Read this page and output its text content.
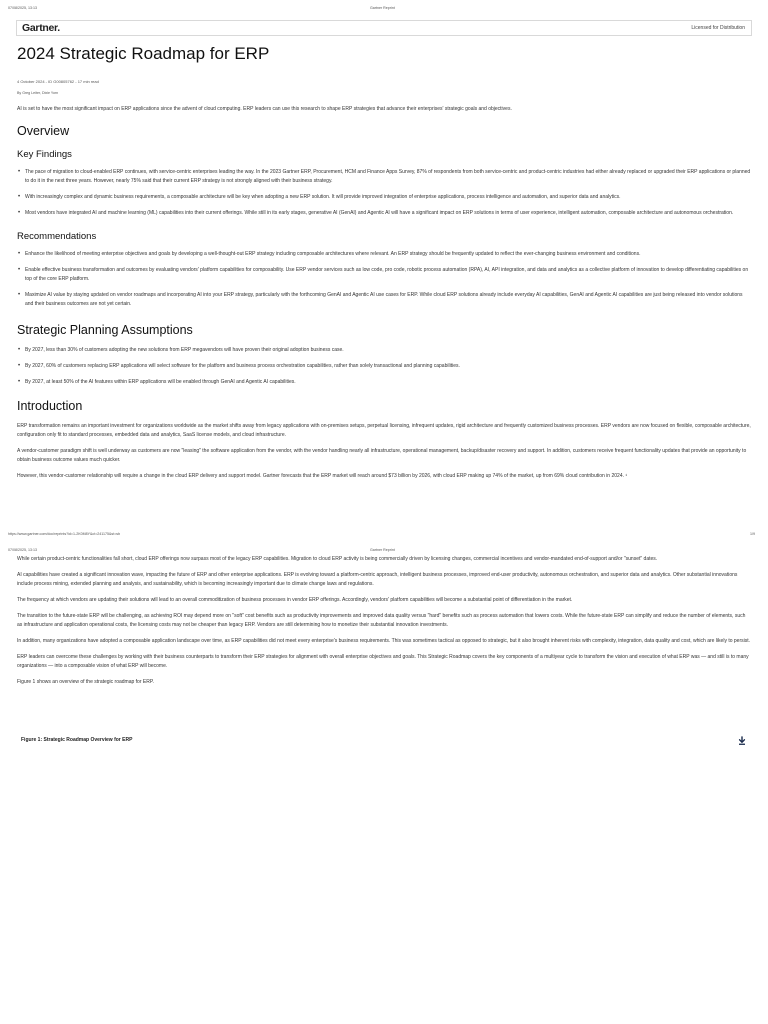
07/08/2025, 13:13	Gartner Reprint
Gartner.	Licensed for Distribution
2024 Strategic Roadmap for ERP
4 October 2024 - ID G00805762 - 17 min read
By Greg Leiter, Dixie Yorn

AI is set to have the most significant impact on ERP applications since the advent of cloud computing. ERP leaders can use this research to shape ERP strategies that advance their enterprises' strategic goals and objectives.

Overview
Key Findings
• The pace of migration to cloud-enabled ERP continues, with service-centric enterprises leading the way. In the 2023 Gartner ERP, Procurement, HCM and Finance Apps Survey, 87% of respondents from both service-centric and product-centric industries had either already replaced or upgraded their ERP applications or planned to do it in the next three years. However, nearly 75% said that their current ERP strategy is not strongly aligned with their business strategy.
• With increasingly complex and dynamic business requirements, a composable architecture will be key when adopting a new ERP solution. It will provide improved integration of enterprise applications, process intelligence and automation, and superior data and analytics.
• Most vendors have integrated AI and machine learning (ML) capabilities into their current offerings. While still in its early stages, generative AI (GenAI) and Agentic AI will have a significant impact on ERP solutions in terms of user experience, intelligent automation, composable architecture and autonomous orchestration.
Recommendations
• Enhance the likelihood of meeting enterprise objectives and goals by developing a well-thought-out ERP strategy including composable architectures where relevant. An ERP strategy should be frequently updated to reflect the ever-changing business environment and conditions.
• Enable effective business transformation and outcomes by evaluating vendors' platform capabilities for composability. Use ERP vendor services such as low code, pro code, robotic process automation (RPA), AI, API integration, and data and analytics as a collective platform of innovation to develop differentiating capabilities on top of the core ERP platform.
• Maximize AI value by staying updated on vendor roadmaps and incorporating AI into your ERP strategy, particularly with the forthcoming GenAI and Agentic AI use cases for ERP. While cloud ERP solutions already include everyday AI capabilities, GenAI and Agentic AI capabilities are just being released into vendor solutions and their business outcomes are not yet certain.
Strategic Planning Assumptions
• By 2027, less than 30% of customers adopting the new solutions from ERP megavendors will have proven their original adoption business case.
• By 2027, 60% of customers replacing ERP applications will select software for the platform and business process orchestration capabilities, rather than solely transactional and planning capabilities.
• By 2027, at least 50% of the AI features within ERP applications will be enabled through GenAI and Agentic AI capabilities.
Introduction

ERP transformation remains an important investment for organizations worldwide as the market shifts away from legacy applications with on-premises setups, perpetual licensing, infrequent updates, rigid architecture and frequently customized business processes. ERP vendors are now focused on flexible, composable architecture, configuration only fit to standard processes, embedded data and analytics, SaaS license models, and cloud infrastructure.

A vendor-customer paradigm shift is well underway as customers are now "leasing" the software application from the vendor, with the vendor handling nearly all infrastructure, operational management, backup/disaster recovery and support. In addition, customers receive frequent functionality updates that provide an opportunity to obtain business outcome values much quicker.

However, this vendor-customer relationship will require a change in the cloud ERP delivery and support model. Gartner forecasts that the ERP market will reach around $73 billion by 2026, with cloud ERP making up 74% of the market, up from 69% cloud contribution in 2024. ¹

https://www.gartner.com/doc/reprints?id=1-2K0M8Y&ct=241175&st=sb	1/9
07/08/2025, 13:13	Gartner Reprint

While certain product-centric functionalities fall short, cloud ERP offerings now surpass most of the legacy ERP capabilities. Migration to cloud ERP activity is being commercially driven by licensing changes, commercial incentives and vendor-mandated end-of-support and/or "sunset" dates.

AI capabilities have created a significant innovation wave, impacting the future of ERP and other enterprise applications. ERP is evolving toward a platform-centric approach, intelligent business processes, improved end-user productivity, autonomous orchestration, and superior data and analytics. Other substantial innovations include process mining, extended planning and analysis, and sustainability, which is becoming increasingly important due to climate change laws and regulations.

The frequency at which vendors are updating their solutions will lead to an overall commoditization of business processes in vendor ERP offerings. Accordingly, vendors' platform capabilities will become a substantial point of differentiation in the market.

The transition to the future-state ERP will be challenging, as achieving ROI may depend more on "soft" cost benefits such as productivity improvements and improved data quality versus "hard" benefits such as process automation that lowers costs. While the future-state ERP can simplify and reduce the number of elements, such as infrastructure and application operational costs, the licensing costs may not be cheaper than legacy ERP. Vendors are still determining how to monetize their substantial innovation investments.

In addition, many organizations have adopted a composable application landscape over time, as ERP capabilities did not meet every enterprise's business requirements. This was sometimes tactical as opposed to strategic, but it also brought inherent risks with complexity, integration, data quality and cost, which are likely to persist.

ERP leaders can overcome these challenges by working with their business counterparts to transform their ERP strategies for alignment with overall enterprise objectives and goals. This Strategic Roadmap covers the key components of a multiyear cycle to transform the vision and execution of what ERP was — and still is to many organizations — into a composable vision of what ERP will become.

Figure 1 shows an overview of the strategic roadmap for ERP.

Figure 1: Strategic Roadmap Overview for ERP
